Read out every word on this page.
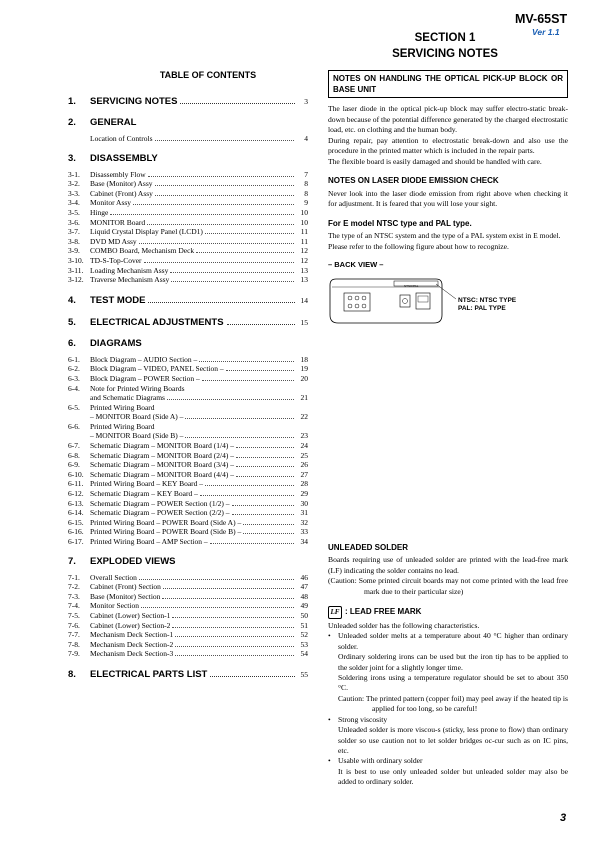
MV-65ST
Ver 1.1
SECTION 1
SERVICING NOTES
TABLE OF CONTENTS
1.	SERVICING NOTES	3
2.	GENERAL
Location of Controls	4
3.	DISASSEMBLY
3-1.	Disassembly Flow	7
3-2.	Base (Monitor) Assy	8
3-3.	Cabinet (Front) Assy	8
3-4.	Monitor Assy	9
3-5.	Hinge	10
3-6.	MONITOR Board	10
3-7.	Liquid Crystal Display Panel (LCD1)	11
3-8.	DVD MD Assy	11
3-9.	COMBO Board, Mechanism Deck	12
3-10. TD-S-Top-Cover	12
3-11. Loading Mechanism Assy	13
3-12. Traverse Mechanism Assy	13
4.	TEST MODE	14
5.	ELECTRICAL ADJUSTMENTS	15
6.	DIAGRAMS
6-1.	Block Diagram – AUDIO Section –	18
6-2.	Block Diagram – VIDEO, PANEL Section –	19
6-3.	Block Diagram – POWER Section –	20
6-4.	Note for Printed Wiring Boards
and Schematic Diagrams	21
6-5.	Printed Wiring Board
– MONITOR Board (Side A) –	22
6-6.	Printed Wiring Board
– MONITOR Board (Side B) –	23
6-7.	Schematic Diagram – MONITOR Board (1/4) –	24
6-8.	Schematic Diagram – MONITOR Board (2/4) –	25
6-9.	Schematic Diagram – MONITOR Board (3/4) –	26
6-10. Schematic Diagram – MONITOR Board (4/4) –	27
6-11. Printed Wiring Board – KEY Board –	28
6-12. Schematic Diagram – KEY Board –	29
6-13. Schematic Diagram – POWER Section (1/2) –	30
6-14. Schematic Diagram – POWER Section (2/2) –	31
6-15. Printed Wiring Board – POWER Board (Side A) –	32
6-16. Printed Wiring Board – POWER Board (Side B) –	33
6-17. Printed Wiring Board – AMP Section –	34
7.	EXPLODED VIEWS
7-1.	Overall Section	46
7-2.	Cabinet (Front) Section	47
7-3.	Base (Monitor) Section	48
7-4.	Monitor Section	49
7-5.	Cabinet (Lower) Section-1	50
7-6.	Cabinet (Lower) Section-2	51
7-7.	Mechanism Deck Section-1	52
7-8.	Mechanism Deck Section-2	53
7-9.	Mechanism Deck Section-3	54
8.	ELECTRICAL PARTS LIST	55
NOTES ON HANDLING THE OPTICAL PICK-UP BLOCK OR BASE UNIT

The laser diode in the optical pick-up block may suffer electro-static break-down because of the potential difference generated by the charged electrostatic load, etc. on clothing and the human body.

During repair, pay attention to electrostatic break-down and also use the procedure in the printed matter which is included in the repair parts.

The flexible board is easily damaged and should be handled with care.

NOTES ON LASER DIODE EMISSION CHECK

Never look into the laser diode emission from right above when checking it for adjustment. It is feared that you will lose your sight.

For E model NTSC type and PAL type.

The type of an NTSC system and the type of a PAL system exist in E model.

Please refer to the following figure about how to recognize.

– BACK VIEW –
NTSC/PAL
NTSC: NTSC TYPE
PAL: PAL TYPE
UNLEADED SOLDER

Boards requiring use of unleaded solder are printed with the lead-free mark (LF) indicating the solder contains no lead.

(Caution: Some printed circuit boards may not come printed with the lead free mark due to their particular size)

LF : LEAD FREE MARK

Unleaded solder has the following characteristics.

• Unleaded solder melts at a temperature about 40 °C higher than ordinary solder.

Ordinary soldering irons can be used but the iron tip has to be applied to the solder joint for a slightly longer time.

Soldering irons using a temperature regulator should be set to about 350 °C.

Caution: The printed pattern (copper foil) may peel away if the heated tip is applied for too long, so be careful!

• Strong viscosity

Unleaded solder is more viscou-s (sticky, less prone to flow) than ordinary solder so use caution not to let solder bridges oc-cur such as on IC pins, etc.

• Usable with ordinary solder

It is best to use only unleaded solder but unleaded solder may also be added to ordinary solder.

3
